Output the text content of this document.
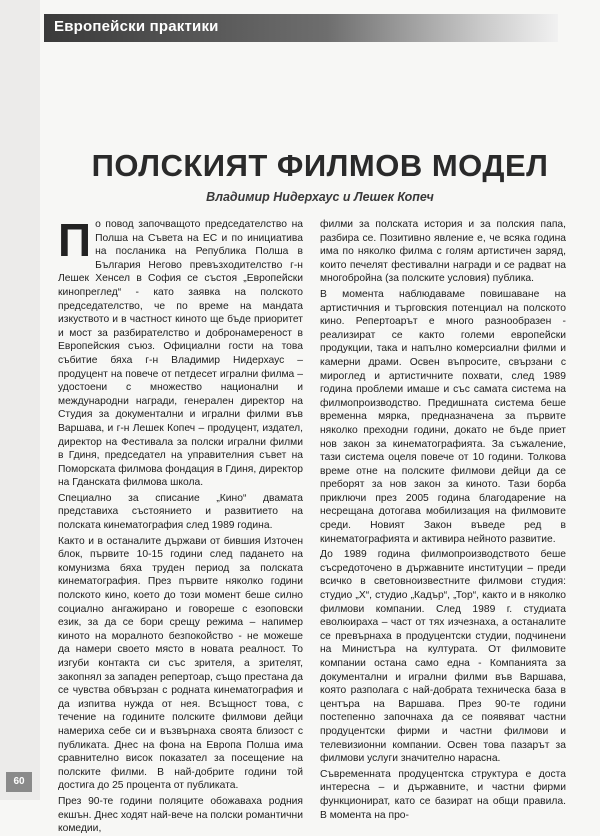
Европейски практики
ПОЛСКИЯТ ФИЛМОВ МОДЕЛ
Владимир Нидерхаус и Лешек Копеч

По повод започващото председателство на Полша на Съвета на ЕС и по инициатива на посланика на Република Полша в България Негово превъзходителство г-н Лешек Хенсел в София се състоя „Европейски кинопреглед“ - като заявка на полското председателство, че по време на мандата изкуството и в частност киното ще бъде приоритет и мост за разбирателство и добронамереност в Европейския съюз. Официални гости на това събитие бяха г-н Владимир Нидерхаус – продуцент на повече от петдесет игрални филма – удостоени с множество национални и международни награди, генерален директор на Студия за документални и игрални филми във Варшава, и г-н Лешек Копеч – продуцент, издател, директор на Фестивала за полски игрални филми в Гдиня, председател на управителния съвет на Поморската филмова фондация в Гдиня, директор на Гданската филмова школа.

Специално за списание „Кино“ двамата представиха състоянието и развитието на полската кинематография след 1989 година.

Както и в останалите държави от бившия Източен блок, първите 10-15 години след падането на комунизма бяха труден период за полската кинематография. През първите няколко години полското кино, което до този момент беше силно социално ангажирано и говореше с езоповски език, за да се бори срещу режима – напимер киното на моралното безпокойство - не можеше да намери своето място в новата реалност. То изгуби контакта си със зрителя, а зрителят, закопнял за западен репертоар, също престана да се чувства обвързан с родната кинематография и да изпитва нужда от нея. Всъщност това, с течение на годините полските филмови дейци намериха себе си и възвърнаха своята близост с публиката. Днес на фона на Европа Полша има сравнително висок показател за посещение на полските филми. В най-добрите години той достига до 25 процента от публиката.

През 90-те години поляците обожаваха родния екшън. Днес ходят най-вече на полски романтични комедии,

филми за полската история и за полския папа, разбира се. Позитивно явление е, че всяка година има по няколко филма с голям артистичен заряд, които печелят фестивални награди и се радват на многобройна (за полските условия) публика.

В момента наблюдаваме повишаване на артистичния и търговския потенциал на полското кино. Репертоарът е много разнообразен - реализират се както големи европейски продукции, така и напълно комерсиални филми и камерни драми. Освен въпросите, свързани с мироглед и артистичните похвати, след 1989 година проблеми имаше и със самата система на филмопроизводство. Предишната система беше временна мярка, предназначена за първите няколко преходни години, докато не бъде приет нов закон за кинематографията. За съжаление, тази система оцеля повече от 10 години. Толкова време отне на полските филмови дейци да се преборят за нов закон за киното. Тази борба приключи през 2005 година благодарение на несрещана дотогава мобилизация на филмовите среди. Новият Закон въведе ред в кинематографията и активира нейното развитие.

До 1989 година филмопроизводството беше съсредоточено в държавните институции – преди всичко в световноизвестните филмови студия: студио „Х“, студио „Кадър“, „Тор“, както и в няколко филмови компании. След 1989 г. студиата еволюираха – част от тях изчезнаха, а останалите се превърнаха в продуцентски студии, подчинени на Министъра на културата. От филмовите компании остана само една - Компанията за документални и игрални филми във Варшава, която разполага с най-добрата техническа база в центъра на Варшава. През 90-те години постепенно започнаха да се появяват частни продуцентски фирми и частни филмови и телевизионни компании. Освен това пазарът за филмови услуги значително нарасна.

Съвременната продуцентска структура е доста интересна – и държавните, и частни фирми функционират, като се базират на общи правила. В момента на про-

60
